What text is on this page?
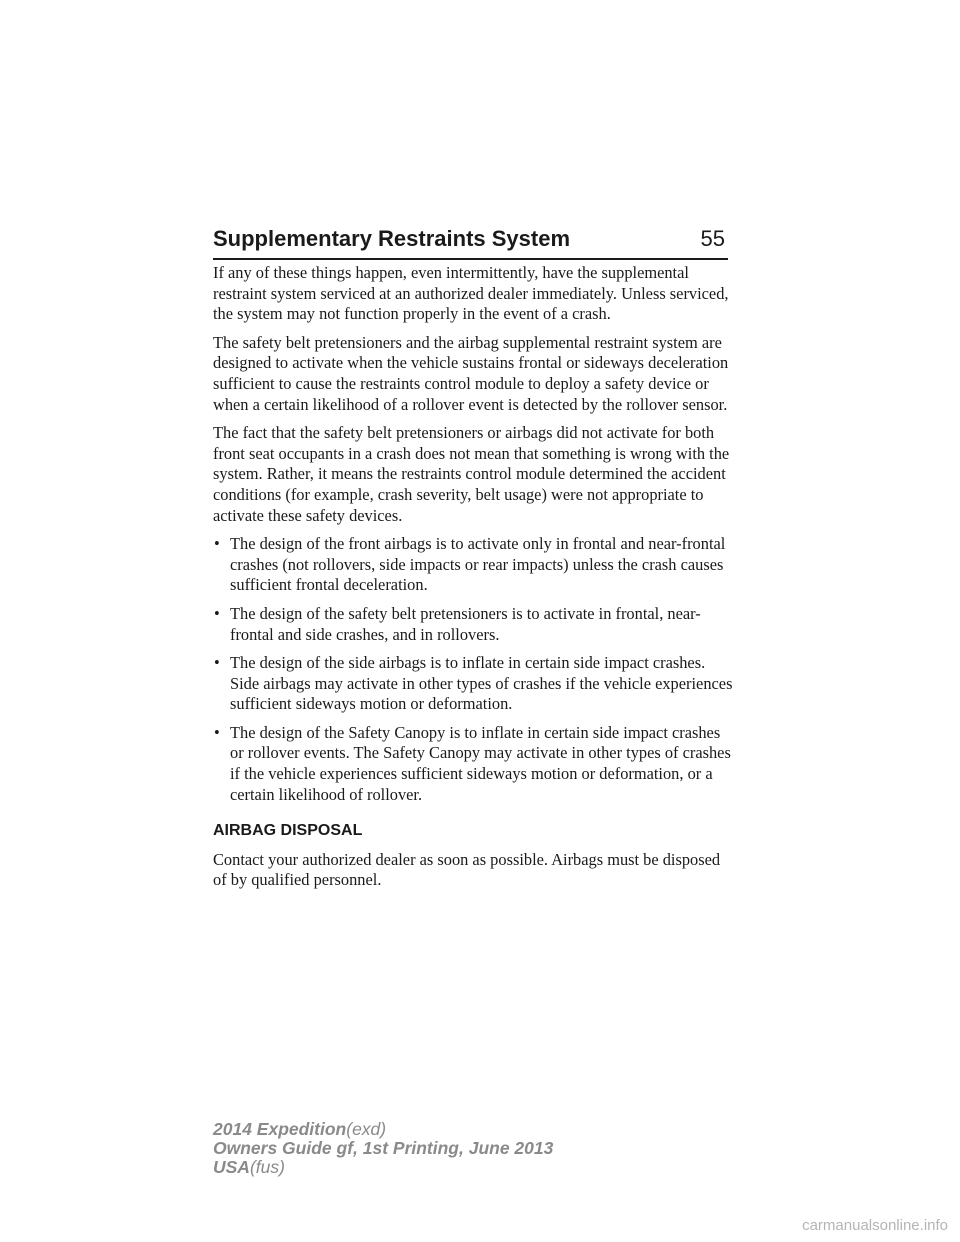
Supplementary Restraints System	55

If any of these things happen, even intermittently, have the supplemental restraint system serviced at an authorized dealer immediately. Unless serviced, the system may not function properly in the event of a crash.

The safety belt pretensioners and the airbag supplemental restraint system are designed to activate when the vehicle sustains frontal or sideways deceleration sufficient to cause the restraints control module to deploy a safety device or when a certain likelihood of a rollover event is detected by the rollover sensor.

The fact that the safety belt pretensioners or airbags did not activate for both front seat occupants in a crash does not mean that something is wrong with the system. Rather, it means the restraints control module determined the accident conditions (for example, crash severity, belt usage) were not appropriate to activate these safety devices.

• The design of the front airbags is to activate only in frontal and near-frontal crashes (not rollovers, side impacts or rear impacts) unless the crash causes sufficient frontal deceleration.
• The design of the safety belt pretensioners is to activate in frontal, near-frontal and side crashes, and in rollovers.
• The design of the side airbags is to inflate in certain side impact crashes. Side airbags may activate in other types of crashes if the vehicle experiences sufficient sideways motion or deformation.
• The design of the Safety Canopy is to inflate in certain side impact crashes or rollover events. The Safety Canopy may activate in other types of crashes if the vehicle experiences sufficient sideways motion or deformation, or a certain likelihood of rollover.
AIRBAG DISPOSAL

Contact your authorized dealer as soon as possible. Airbags must be disposed of by qualified personnel.

2014 Expedition(exd)
Owners Guide gf, 1st Printing, June 2013
USA(fus)
carmanualsonline.info
